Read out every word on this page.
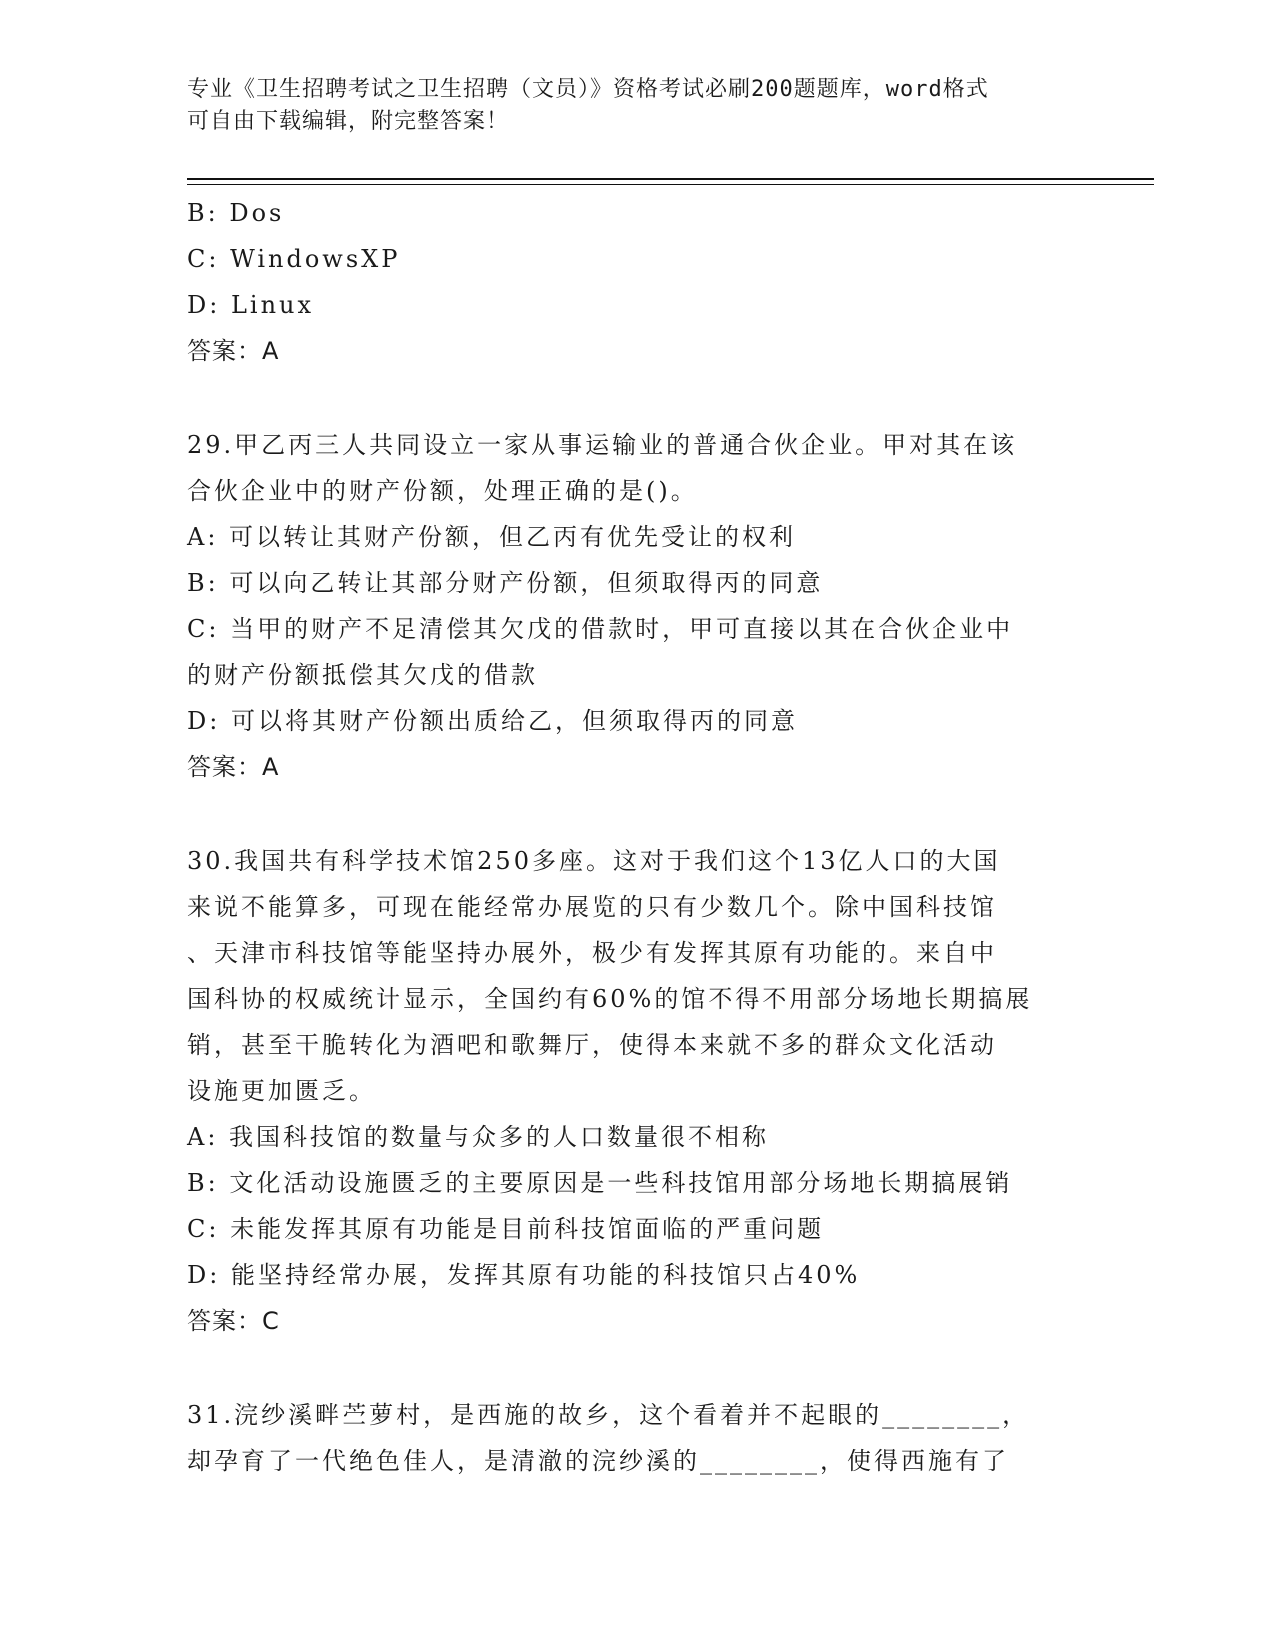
专业《卫生招聘考试之卫生招聘（文员）》资格考试必刷200题题库，word格式
可自由下载编辑，附完整答案！
B: Dos
C: WindowsXP
D: Linux
答案：A
29.甲乙丙三人共同设立一家从事运输业的普通合伙企业。甲对其在该
合伙企业中的财产份额，处理正确的是()。
A: 可以转让其财产份额，但乙丙有优先受让的权利
B: 可以向乙转让其部分财产份额，但须取得丙的同意
C: 当甲的财产不足清偿其欠戊的借款时，甲可直接以其在合伙企业中
的财产份额抵偿其欠戊的借款
D: 可以将其财产份额出质给乙，但须取得丙的同意
答案：A
30.我国共有科学技术馆250多座。这对于我们这个13亿人口的大国
来说不能算多，可现在能经常办展览的只有少数几个。除中国科技馆
、天津市科技馆等能坚持办展外，极少有发挥其原有功能的。来自中
国科协的权威统计显示，全国约有60%的馆不得不用部分场地长期搞展
销，甚至干脆转化为酒吧和歌舞厅，使得本来就不多的群众文化活动
设施更加匮乏。
A: 我国科技馆的数量与众多的人口数量很不相称
B: 文化活动设施匮乏的主要原因是一些科技馆用部分场地长期搞展销
C: 未能发挥其原有功能是目前科技馆面临的严重问题
D: 能坚持经常办展，发挥其原有功能的科技馆只占40%
答案：C
31.浣纱溪畔苎萝村，是西施的故乡，这个看着并不起眼的________，
却孕育了一代绝色佳人，是清澈的浣纱溪的________，使得西施有了
